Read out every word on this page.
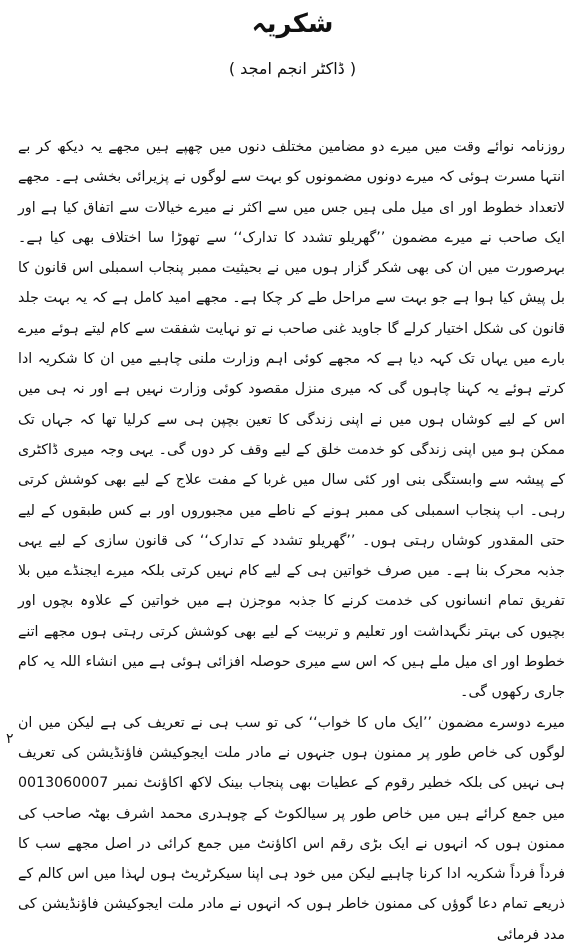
شکریہ
( ڈاکٹر انجم امجد )

روزنامہ نوائے وقت میں میرے دو مضامین مختلف دنوں میں چھپے ہیں مجھے یہ دیکھ کر بے انتہا مسرت ہوئی کہ میرے دونوں مضمونوں کو بہت سے لوگوں نے پزیرائی بخشی ہے۔ مجھے لاتعداد خطوط اور ای میل ملی ہیں جس میں سے اکثر نے میرے خیالات سے اتفاق کیا ہے اور ایک صاحب نے میرے مضمون ’’گھریلو تشدد کا تدارک‘‘ سے تھوڑا سا اختلاف بھی کیا ہے۔ بہرصورت میں ان کی بھی شکر گزار ہوں میں نے بحیثیت ممبر پنجاب اسمبلی اس قانون کا بل پیش کیا ہوا ہے جو بہت سے مراحل طے کر چکا ہے۔ مجھے امید کامل ہے کہ یہ بہت جلد قانون کی شکل اختیار کرلے گا جاوید غنی صاحب نے تو نہایت شفقت سے کام لیتے ہوئے میرے بارے میں یہاں تک کہہ دیا ہے کہ مجھے کوئی اہم وزارت ملنی چاہیے میں ان کا شکریہ ادا کرتے ہوئے یہ کہنا چاہوں گی کہ میری منزل مقصود کوئی وزارت نہیں ہے اور نہ ہی میں اس کے لیے کوشاں ہوں میں نے اپنی زندگی کا تعین بچپن ہی سے کرلیا تھا کہ جہاں تک ممکن ہو میں اپنی زندگی کو خدمت خلق کے لیے وقف کر دوں گی۔ یہی وجہ میری ڈاکٹری کے پیشہ سے وابستگی بنی اور کئی سال میں غربا کے مفت علاج کے لیے بھی کوشش کرتی رہی۔ اب پنجاب اسمبلی کی ممبر ہونے کے ناطے میں مجبوروں اور بے کس طبقوں کے لیے حتی المقدور کوشاں رہتی ہوں۔ ’’گھریلو تشدد کے تدارک‘‘ کی قانون سازی کے لیے یہی جذبہ محرک بنا ہے۔ میں صرف خواتین ہی کے لیے کام نہیں کرتی بلکہ میرے ایجنڈے میں بلا تفریق تمام انسانوں کی خدمت کرنے کا جذبہ موجزن ہے میں خواتین کے علاوہ بچوں اور بچیوں کی بہتر نگہداشت اور تعلیم و تربیت کے لیے بھی کوشش کرتی رہتی ہوں مجھے اتنے خطوط اور ای میل ملے ہیں کہ اس سے میری حوصلہ افزائی ہوئی ہے میں انشاء اللہ یہ کام جاری رکھوں گی۔

میرے دوسرے مضمون ’’ایک ماں کا خواب‘‘ کی تو سب ہی نے تعریف کی ہے لیکن میں ان لوگوں کی خاص طور پر ممنون ہوں جنہوں نے مادر ملت ایجوکیشن فاؤنڈیشن کی تعریف ہی نہیں کی بلکہ خطیر رقوم کے عطیات بھی پنجاب بینک لاکھ اکاؤنٹ نمبر 0013060007 میں جمع کرائے ہیں میں خاص طور پر سیالکوٹ کے چوہدری محمد اشرف بھٹہ صاحب کی ممنون ہوں کہ انہوں نے ایک بڑی رقم اس اکاؤنٹ میں جمع کرائی در اصل مجھے سب کا فرداً فرداً شکریہ ادا کرنا چاہیے لیکن میں خود ہی اپنا سیکرٹریٹ ہوں لہذا میں اس کالم کے ذریعے تمام دعا گوؤں کی ممنون خاطر ہوں کہ انہوں نے مادر ملت ایجوکیشن فاؤنڈیشن کی مدد فرمائی

۲
